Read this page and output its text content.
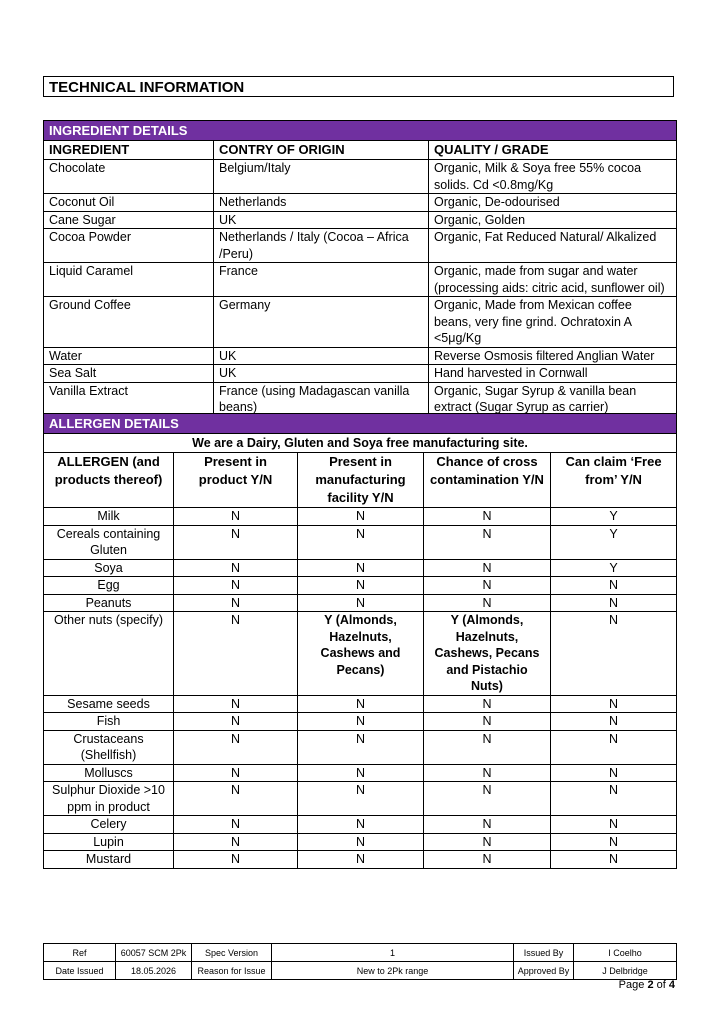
TECHNICAL INFORMATION
INGREDIENT DETAILS		
INGREDIENT	CONTRY OF ORIGIN	QUALITY / GRADE
Chocolate	Belgium/Italy	Organic, Milk & Soya free 55% cocoa solids. Cd <0.8mg/Kg
Coconut Oil	Netherlands	Organic, De-odourised
Cane Sugar	UK	Organic, Golden
Cocoa Powder	Netherlands / Italy (Cocoa – Africa /Peru)	Organic, Fat Reduced Natural/ Alkalized
Liquid Caramel	France	Organic, made from sugar and water (processing aids: citric acid, sunflower oil)
Ground Coffee	Germany	Organic, Made from Mexican coffee beans, very fine grind. Ochratoxin A <5μg/Kg
Water	UK	Reverse Osmosis filtered Anglian Water
Sea Salt	UK	Hand harvested in Cornwall
Vanilla Extract	France (using Madagascan vanilla beans)	Organic, Sugar Syrup & vanilla bean extract (Sugar Syrup as carrier)
ALLERGEN DETAILS				
We are a Dairy, Gluten and Soya free manufacturing site.				
ALLERGEN (and products thereof)	Present in product Y/N	Present in manufacturing facility Y/N	Chance of cross contamination Y/N	Can claim ‘Free from’ Y/N
Milk	N	N	N	Y
Cereals containing Gluten	N	N	N	Y
Soya	N	N	N	Y
Egg	N	N	N	N
Peanuts	N	N	N	N
Other nuts (specify)	N	Y (Almonds, Hazelnuts, Cashews and Pecans)	Y (Almonds, Hazelnuts, Cashews, Pecans and Pistachio Nuts)	N
Sesame seeds	N	N	N	N
Fish	N	N	N	N
Crustaceans (Shellfish)	N	N	N	N
Molluscs	N	N	N	N
Sulphur Dioxide >10 ppm in product	N	N	N	N
Celery	N	N	N	N
Lupin	N	N	N	N
Mustard	N	N	N	N
Ref	60057 SCM 2Pk	Spec Version	1	Issued By	I Coelho
Date Issued	18.05.2026	Reason for Issue	New to 2Pk range	Approved By	J Delbridge
Page 2 of 4
